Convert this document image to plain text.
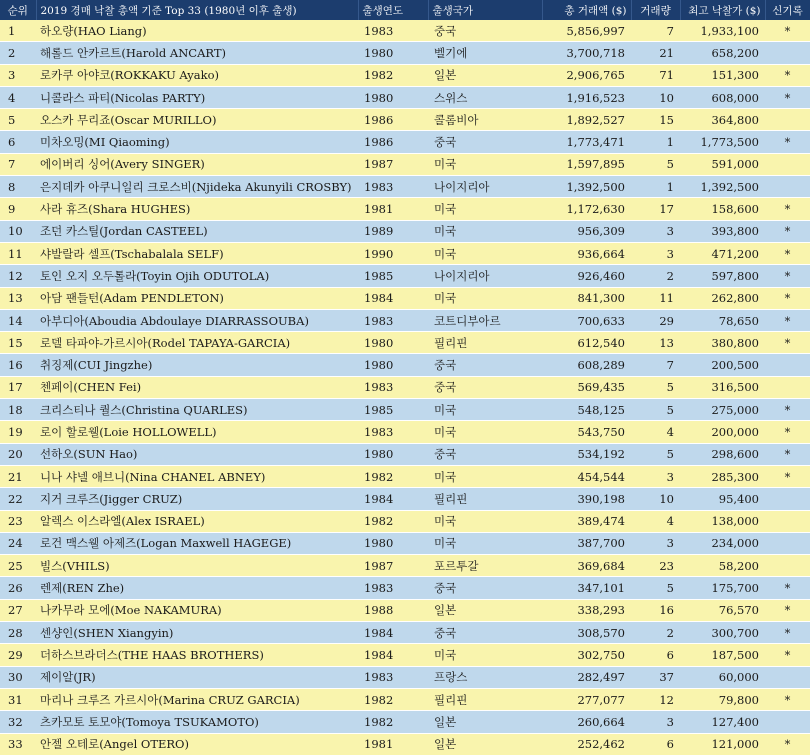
순위	2019 경매 낙찰 총액 기준 Top 33 (1980년 이후 출생)	출생연도	출생국가	총 거래액 ($)	거래량	최고 낙찰가 ($)	신기록
1	하오량(HAO Liang)	1983	중국	5,856,997	7	1,933,100	*
2	해롤드 안카르트(Harold ANCART)	1980	벨기에	3,700,718	21	658,200	
3	로카쿠 아야코(ROKKAKU Ayako)	1982	일본	2,906,765	71	151,300	*
4	니콜라스 파티(Nicolas PARTY)	1980	스위스	1,916,523	10	608,000	*
5	오스카 무리죠(Oscar MURILLO)	1986	콜롬비아	1,892,527	15	364,800	
6	미차오밍(MI Qiaoming)	1986	중국	1,773,471	1	1,773,500	*
7	에이버리 싱어(Avery SINGER)	1987	미국	1,597,895	5	591,000	
8	은지데카 아쿠니일리 크로스비(Njideka Akunyili CROSBY)	1983	나이지리아	1,392,500	1	1,392,500	
9	사라 휴즈(Shara HUGHES)	1981	미국	1,172,630	17	158,600	*
10	조던 카스틸(Jordan CASTEEL)	1989	미국	956,309	3	393,800	*
11	샤발랄라 셀프(Tschabalala SELF)	1990	미국	936,664	3	471,200	*
12	토인 오지 오두톨라(Toyin Ojih ODUTOLA)	1985	나이지리아	926,460	2	597,800	*
13	아담 팬들턴(Adam PENDLETON)	1984	미국	841,300	11	262,800	*
14	아부디아(Aboudia Abdoulaye DIARRASSOUBA)	1983	코트디부아르	700,633	29	78,650	*
15	로델 타파야-가르시아(Rodel TAPAYA-GARCIA)	1980	필리핀	612,540	13	380,800	*
16	취징제(CUI Jingzhe)	1980	중국	608,289	7	200,500	
17	첸페이(CHEN Fei)	1983	중국	569,435	5	316,500	
18	크리스티나 퀄스(Christina QUARLES)	1985	미국	548,125	5	275,000	*
19	로이 할로웰(Loie HOLLOWELL)	1983	미국	543,750	4	200,000	*
20	선하오(SUN Hao)	1980	중국	534,192	5	298,600	*
21	니나 샤넬 애브니(Nina CHANEL ABNEY)	1982	미국	454,544	3	285,300	*
22	지거 크루즈(Jigger CRUZ)	1984	필리핀	390,198	10	95,400	
23	알렉스 이스라엘(Alex ISRAEL)	1982	미국	389,474	4	138,000	
24	로건 맥스웰 아제즈(Logan Maxwell HAGEGE)	1980	미국	387,700	3	234,000	
25	빌스(VHILS)	1987	포르투갈	369,684	23	58,200	
26	렌제(REN Zhe)	1983	중국	347,101	5	175,700	*
27	나카무라 모에(Moe NAKAMURA)	1988	일본	338,293	16	76,570	*
28	센샹인(SHEN Xiangyin)	1984	중국	308,570	2	300,700	*
29	더하스브라더스(THE HAAS BROTHERS)	1984	미국	302,750	6	187,500	*
30	제이알(JR)	1983	프랑스	282,497	37	60,000	
31	마리나 크루즈 가르시아(Marina CRUZ GARCIA)	1982	필리핀	277,077	12	79,800	*
32	츠카모토 토모야(Tomoya TSUKAMOTO)	1982	일본	260,664	3	127,400	
33	안젤 오테로(Angel OTERO)	1981	일본	252,462	6	121,000	*
